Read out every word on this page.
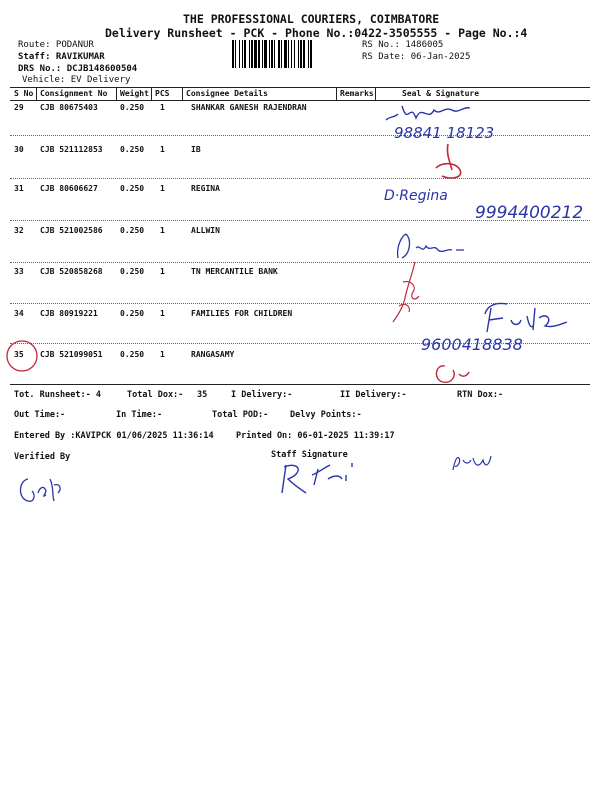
THE PROFESSIONAL COURIERS, COIMBATORE
Delivery Runsheet - PCK - Phone No.:0422-3505555 - Page No.:4
Route: PODANUR
Staff: RAVIKUMAR
DRS No.: DCJB148600504
Vehicle: EV Delivery
RS No.: 1486005
RS Date: 06-Jan-2025
S No Consignment No Weight PCS Consignee Details	Remarks	Seal & Signature
29 CJB 80675403	0.250 1	SHANKAR GANESH RAJENDRAN
30 CJB 521112853 0.250 1	IB
31 CJB 80606627	0.250 1	REGINA
32 CJB 521002586 0.250 1	ALLWIN
33 CJB 520858268 0.250 1	TN MERCANTILE BANK
34 CJB 80919221	0.250 1	FAMILIES FOR CHILDREN
35 CJB 521099051 0.250 1	RANGASAMY
Tot. Runsheet:- 4	Total Dox:- 35	I Delivery:-	II Delivery:-	RTN Dox:-
Out Time:-	In Time:-	Total POD:-	Delvy Points:-
Entered By :KAVIPCK 01/06/2025 11:36:14	Printed On: 06-01-2025 11:39:17
Verified By	Staff Signature
98841 18123
D·Regina
9994400212
9600418838
